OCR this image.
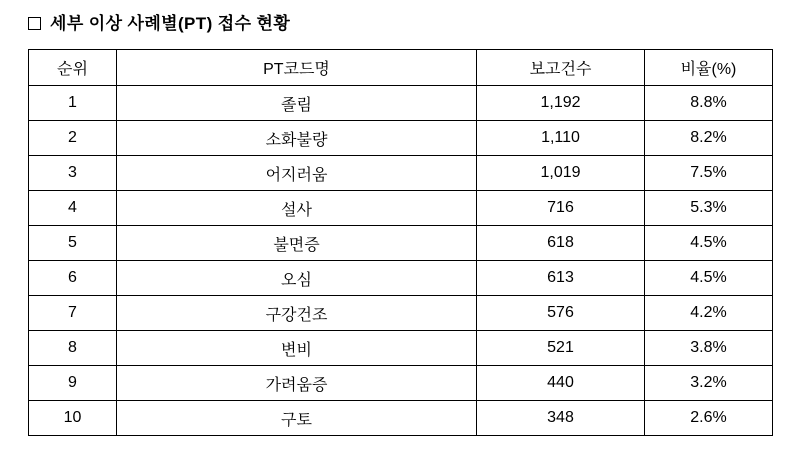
세부 이상 사례별(PT) 접수 현황
순위	PT코드명	보고건수	비율(%)
1	졸림	1,192	8.8%
2	소화불량	1,110	8.2%
3	어지러움	1,019	7.5%
4	설사	716	5.3%
5	불면증	618	4.5%
6	오심	613	4.5%
7	구강건조	576	4.2%
8	변비	521	3.8%
9	가려움증	440	3.2%
10	구토	348	2.6%
